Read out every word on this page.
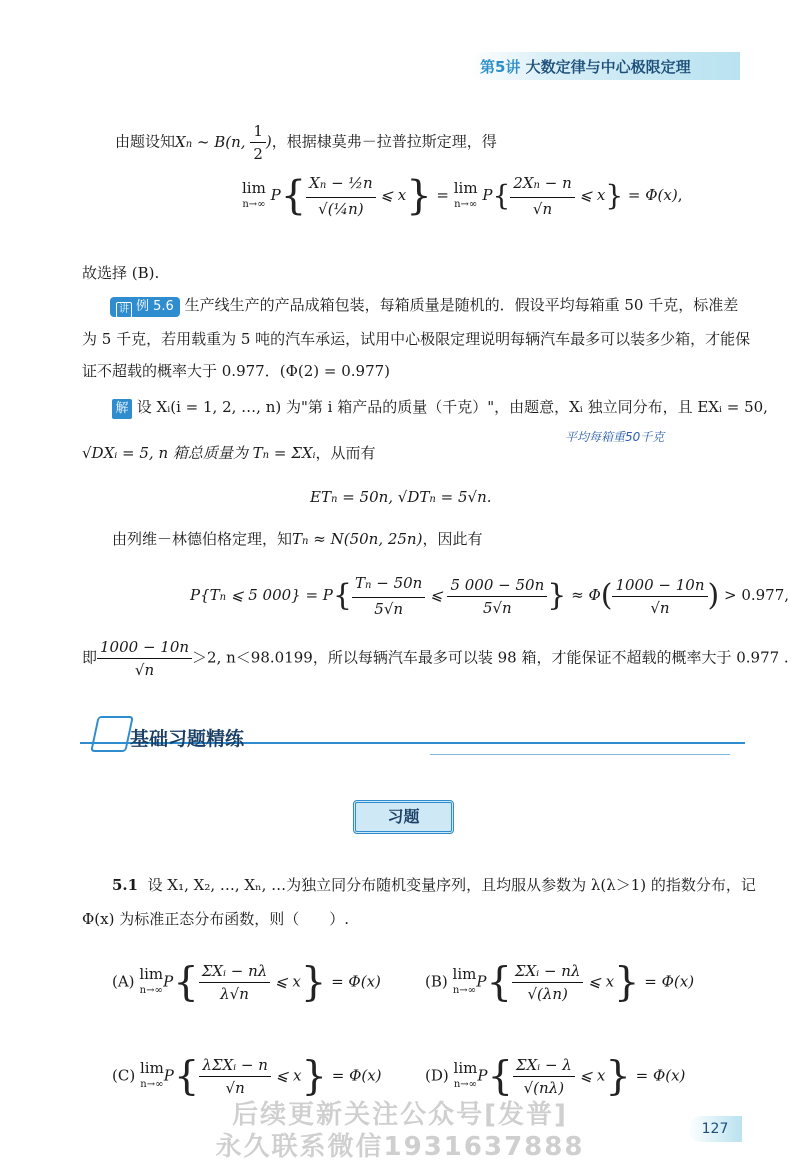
第5讲 大数定律与中心极限定理
由题设知Xn ~ B(n, $\frac{1}{2}$ )，根据棣莫弗－拉普拉斯定理，得
lim
n→∞ $P\{ \frac{\text{Xn − ½n}}{\text{√(¼n)}}$ ⩽ x} = lim
n→∞ $P\{ \frac{2Xn - n}{√n}$ ⩽ x} = Φ(x),
故选择 (B).
讲 例 5.6 生产线生产的产品成箱包装，每箱质量是随机的．假设平均每箱重 50 千克，标准差
为 5 千克，若用载重为 5 吨的汽车承运，试用中心极限定理说明每辆汽车最多可以装多少箱，才能保
证不超载的概率大于 0.977．(Φ(2) = 0.977)
解 设 Xᵢ(i = 1, 2, …, n) 为"第 i 箱产品的质量（千克）"，由题意，Xᵢ 独立同分布，且 EXᵢ = 50,
平均每箱重50千克
√DXᵢ = 5, n 箱总质量为 Tn = ΣXᵢ，从而有
ETn = 50n, √DTn = 5√n.
由列维－林德伯格定理，知Tn ≈ N(50n, 25n)，因此有
P{Tn ⩽ 5 $000\} = P\{ \frac{Tn - 50n}{5√n}$ ⩽ $\frac{5 000 - 50n}{5√n}$ } ≈ $\Phi( \frac{1000 - 10n}{√n}$ ) > 0.977,
即 $\frac{1000 - 10n}{√n} >2$, n＜98.0199，所以每辆汽车最多可以装 98 箱，才能保证不超载的概率大于 0.977 .
基础习题精练
习题
5.1 设 X₁, X₂, …, Xₙ, …为独立同分布随机变量序列，且均服从参数为 λ(λ＞1) 的指数分布，记
Φ(x) 为标准正态分布函数，则（　　）.
(A) lim
$n\to\infty P\{ \frac{\text{ΣXᵢ − nλ}}{\lambda√n}$ ⩽ x} = Φ(x)	(B) lim
$n\to\infty P\{ \frac{\text{ΣXᵢ − nλ}}{√(\lambda n)}$ ⩽ x} = Φ(x)
(C) lim
$n\to\infty P\{ \frac{\text{λΣXᵢ − n}}{√n}$ ⩽ x} = Φ(x)	(D) lim
$n\to\infty P\{ \frac{\text{ΣXᵢ − λ}}{√(n\lambda)}$ ⩽ x} = Φ(x)
后续更新关注公众号[发普]
永久联系微信1931637888
127
